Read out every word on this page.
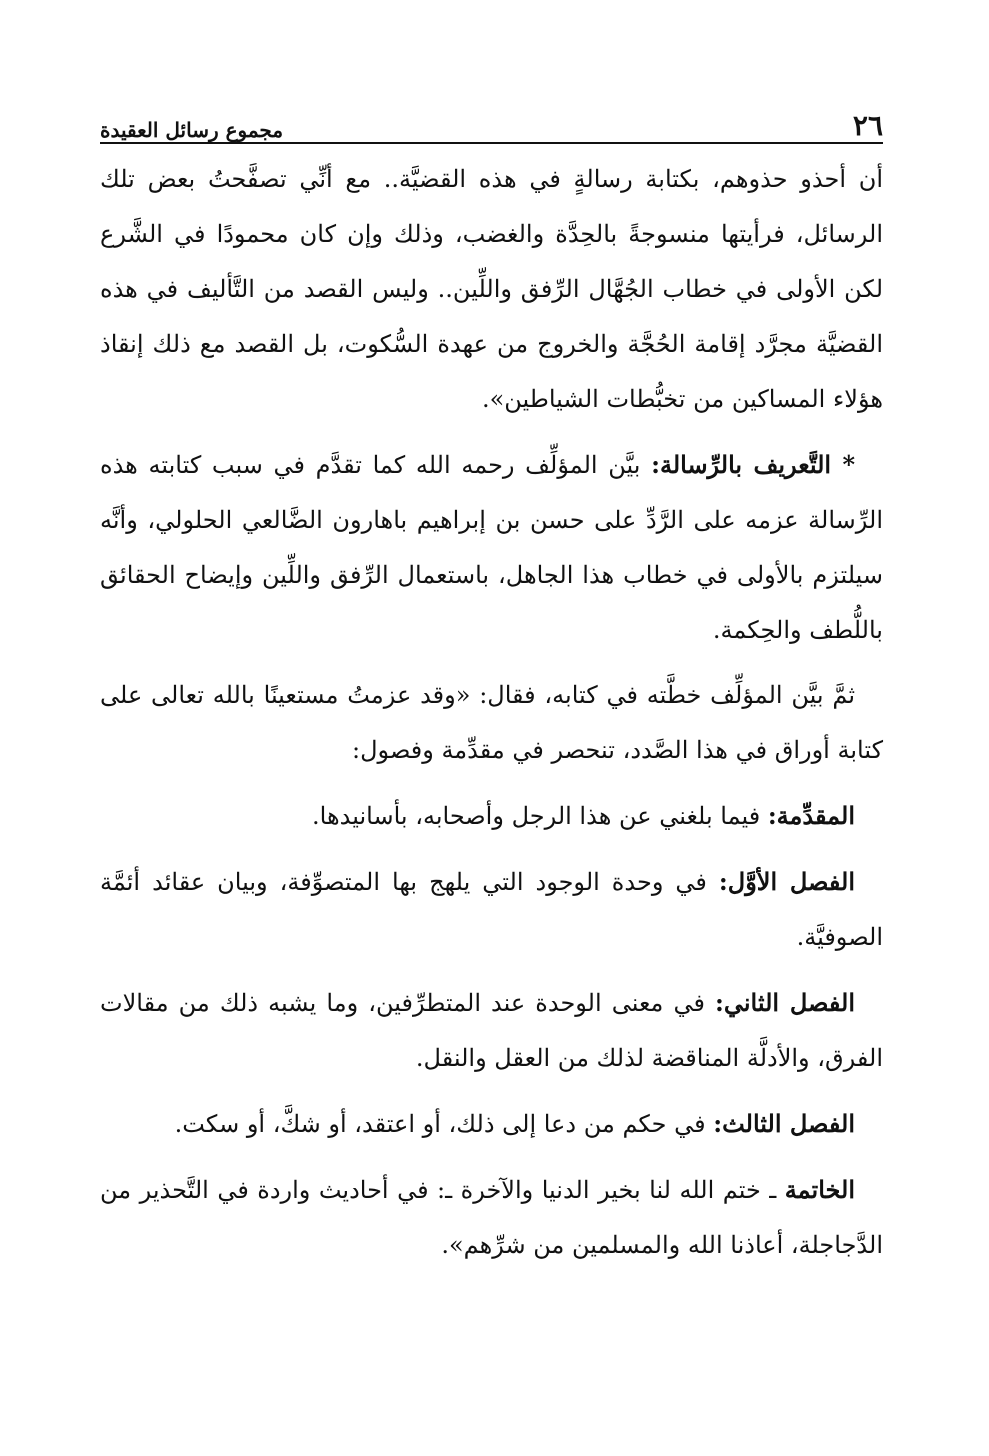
٢٦
مجموع رسائل العقيدة

أن أحذو حذوهم، بكتابة رسالةٍ في هذه القضيَّة.. مع أنِّي تصفَّحتُ بعض تلك الرسائل، فرأيتها منسوجةً بالحِدَّة والغضب، وذلك وإن كان محمودًا في الشَّرع لكن الأولى في خطاب الجُهَّال الرِّفق واللِّين.. وليس القصد من التَّأليف في هذه القضيَّة مجرَّد إقامة الحُجَّة والخروج من عهدة السُّكوت، بل القصد مع ذلك إنقاذ هؤلاء المساكين من تخبُّطات الشياطين».

* التَّعريف بالرِّسالة: بيَّن المؤلِّف رحمه الله كما تقدَّم في سبب كتابته هذه الرِّسالة عزمه على الرَّدِّ على حسن بن إبراهيم باهارون الضَّالعي الحلولي، وأنَّه سيلتزم بالأولى في خطاب هذا الجاهل، باستعمال الرِّفق واللِّين وإيضاح الحقائق باللُّطف والحِكمة.

ثمَّ بيَّن المؤلِّف خطَّته في كتابه، فقال: «وقد عزمتُ مستعينًا بالله تعالى على كتابة أوراق في هذا الصَّدد، تنحصر في مقدِّمة وفصول:

المقدِّمة: فيما بلغني عن هذا الرجل وأصحابه، بأسانيدها.

الفصل الأوَّل: في وحدة الوجود التي يلهج بها المتصوِّفة، وبيان عقائد أئمَّة الصوفيَّة.

الفصل الثاني: في معنى الوحدة عند المتطرِّفين، وما يشبه ذلك من مقالات الفرق، والأدلَّة المناقضة لذلك من العقل والنقل.

الفصل الثالث: في حكم من دعا إلى ذلك، أو اعتقد، أو شكَّ، أو سكت.

الخاتمة ـ ختم الله لنا بخير الدنيا والآخرة ـ: في أحاديث واردة في التَّحذير من الدَّجاجلة، أعاذنا الله والمسلمين من شرِّهم».
